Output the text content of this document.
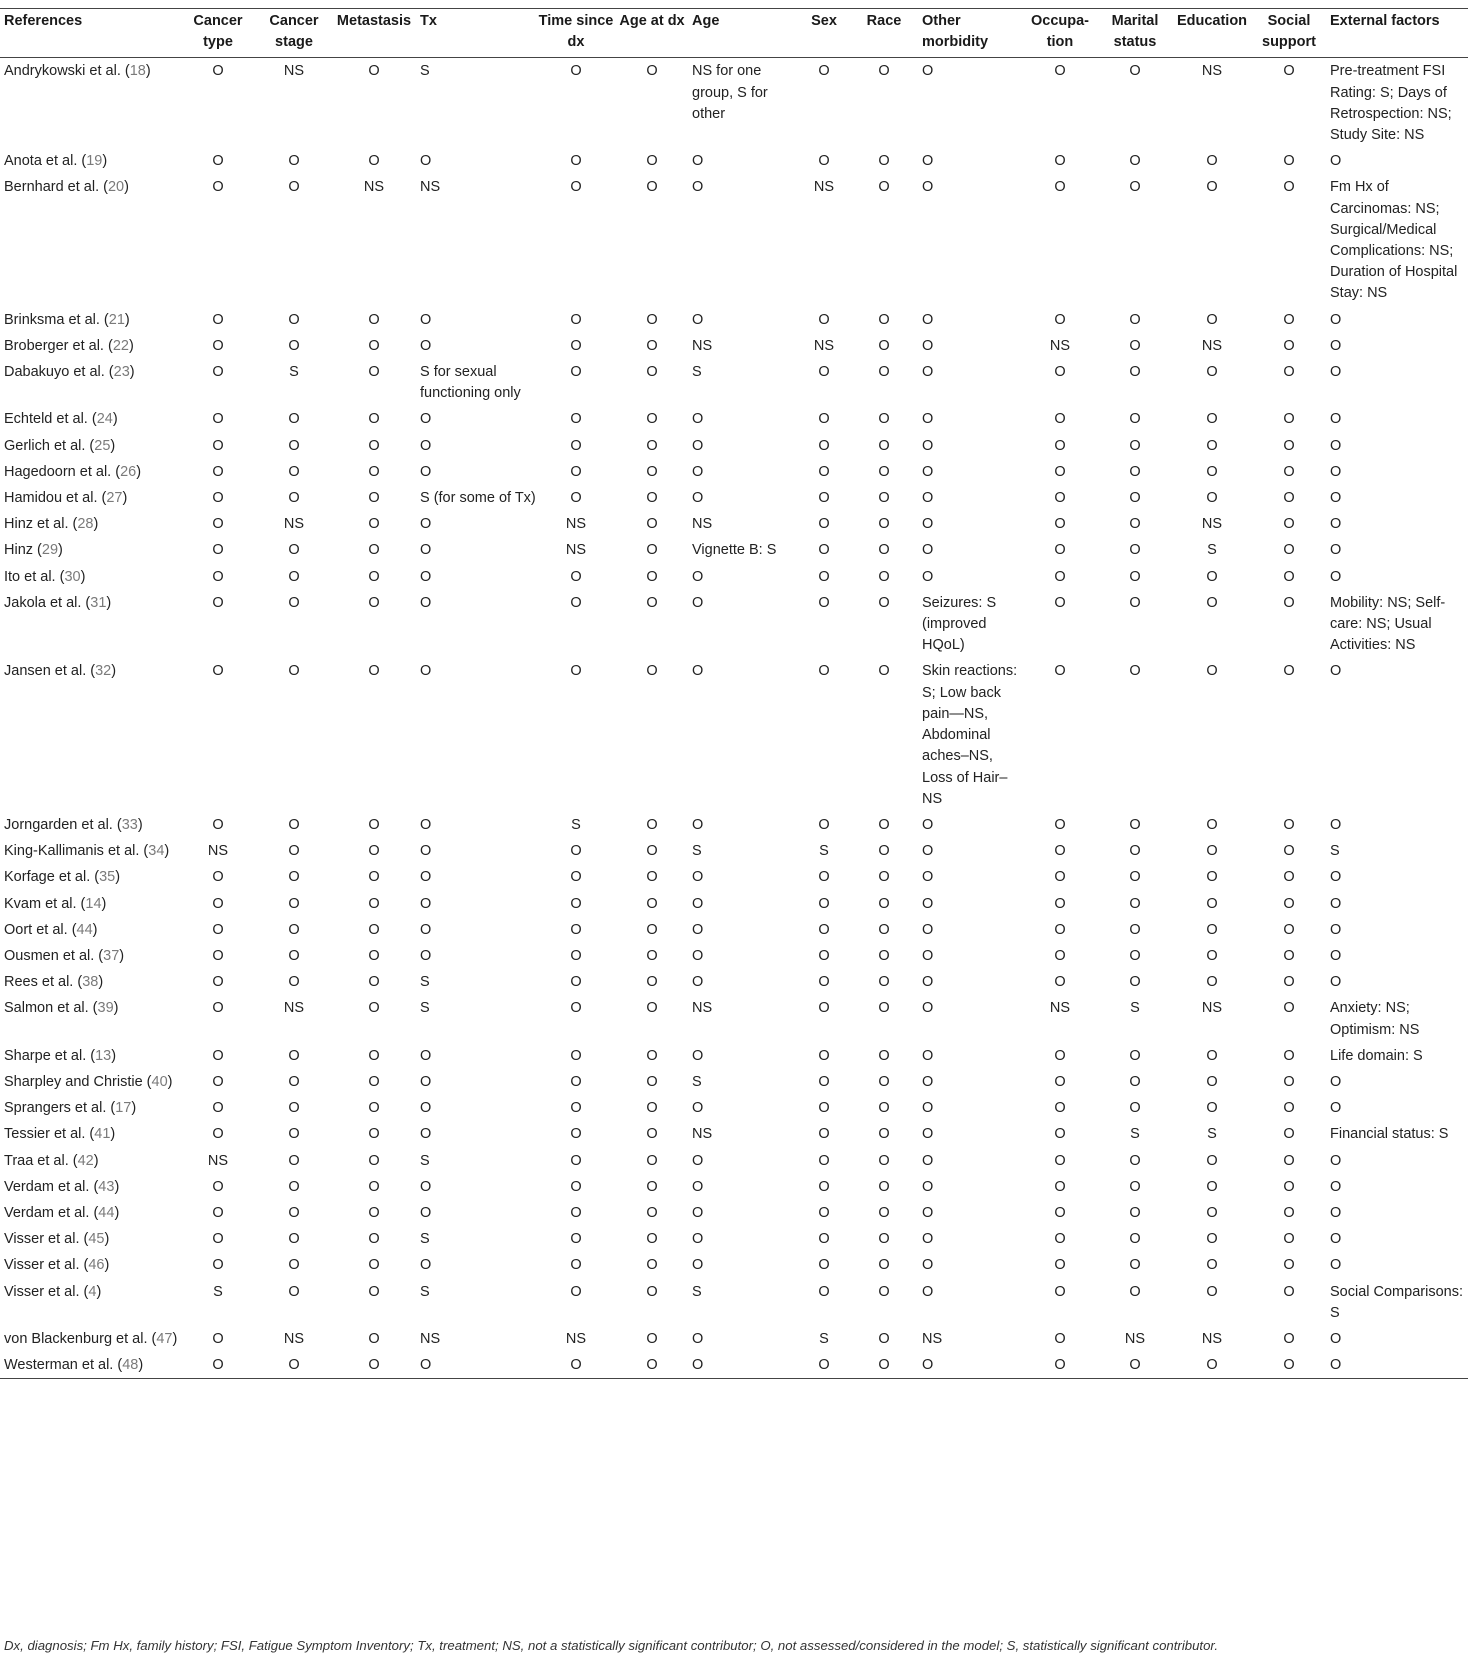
References	Cancer type	Cancer stage	Metastasis	Tx	Time since dx	Age at dx	Age	Sex	Race	Other morbidity	Occupa-tion	Marital status	Education	Social support	External factors
Andrykowski et al. (18)	O	NS	O	S	O	O	NS for one group, S for other	O	O	O	O	O	NS	O	Pre-treatment FSI Rating: S; Days of Retrospection: NS; Study Site: NS
Anota et al. (19)	O	O	O	O	O	O	O	O	O	O	O	O	O	O	O
Bernhard et al. (20)	O	O	NS	NS	O	O	O	NS	O	O	O	O	O	O	Fm Hx of Carcinomas: NS; Surgical/Medical Complications: NS; Duration of Hospital Stay: NS
Brinksma et al. (21)	O	O	O	O	O	O	O	O	O	O	O	O	O	O	O
Broberger et al. (22)	O	O	O	O	O	O	NS	NS	O	O	NS	O	NS	O	O
Dabakuyo et al. (23)	O	S	O	S for sexual functioning only	O	O	S	O	O	O	O	O	O	O	O
Echteld et al. (24)	O	O	O	O	O	O	O	O	O	O	O	O	O	O	O
Gerlich et al. (25)	O	O	O	O	O	O	O	O	O	O	O	O	O	O	O
Hagedoorn et al. (26)	O	O	O	O	O	O	O	O	O	O	O	O	O	O	O
Hamidou et al. (27)	O	O	O	S (for some of Tx)	O	O	O	O	O	O	O	O	O	O	O
Hinz et al. (28)	O	NS	O	O	NS	O	NS	O	O	O	O	O	NS	O	O
Hinz (29)	O	O	O	O	NS	O	Vignette B: S	O	O	O	O	O	S	O	O
Ito et al. (30)	O	O	O	O	O	O	O	O	O	O	O	O	O	O	O
Jakola et al. (31)	O	O	O	O	O	O	O	O	O	Seizures: S (improved HQoL)	O	O	O	O	Mobility: NS; Self-care: NS; Usual Activities: NS
Jansen et al. (32)	O	O	O	O	O	O	O	O	O	Skin reactions: S; Low back pain—NS, Abdominal aches–NS, Loss of Hair–NS	O	O	O	O	O
Jorngarden et al. (33)	O	O	O	O	S	O	O	O	O	O	O	O	O	O	O
King-Kallimanis et al. (34)	NS	O	O	O	O	O	S	S	O	O	O	O	O	O	S
Korfage et al. (35)	O	O	O	O	O	O	O	O	O	O	O	O	O	O	O
Kvam et al. (14)	O	O	O	O	O	O	O	O	O	O	O	O	O	O	O
Oort et al. (44)	O	O	O	O	O	O	O	O	O	O	O	O	O	O	O
Ousmen et al. (37)	O	O	O	O	O	O	O	O	O	O	O	O	O	O	O
Rees et al. (38)	O	O	O	S	O	O	O	O	O	O	O	O	O	O	O
Salmon et al. (39)	O	NS	O	S	O	O	NS	O	O	O	NS	S	NS	O	Anxiety: NS; Optimism: NS
Sharpe et al. (13)	O	O	O	O	O	O	O	O	O	O	O	O	O	O	Life domain: S
Sharpley and Christie (40)	O	O	O	O	O	O	S	O	O	O	O	O	O	O	O
Sprangers et al. (17)	O	O	O	O	O	O	O	O	O	O	O	O	O	O	O
Tessier et al. (41)	O	O	O	O	O	O	NS	O	O	O	O	S	S	O	Financial status: S
Traa et al. (42)	NS	O	O	S	O	O	O	O	O	O	O	O	O	O	O
Verdam et al. (43)	O	O	O	O	O	O	O	O	O	O	O	O	O	O	O
Verdam et al. (44)	O	O	O	O	O	O	O	O	O	O	O	O	O	O	O
Visser et al. (45)	O	O	O	S	O	O	O	O	O	O	O	O	O	O	O
Visser et al. (46)	O	O	O	O	O	O	O	O	O	O	O	O	O	O	O
Visser et al. (4)	S	O	O	S	O	O	S	O	O	O	O	O	O	O	Social Comparisons: S
von Blackenburg et al. (47)	O	NS	O	NS	NS	O	O	S	O	NS	O	NS	NS	O	O
Westerman et al. (48)	O	O	O	O	O	O	O	O	O	O	O	O	O	O	O
Dx, diagnosis; Fm Hx, family history; FSI, Fatigue Symptom Inventory; Tx, treatment; NS, not a statistically significant contributor; O, not assessed/considered in the model; S, statistically significant contributor.
